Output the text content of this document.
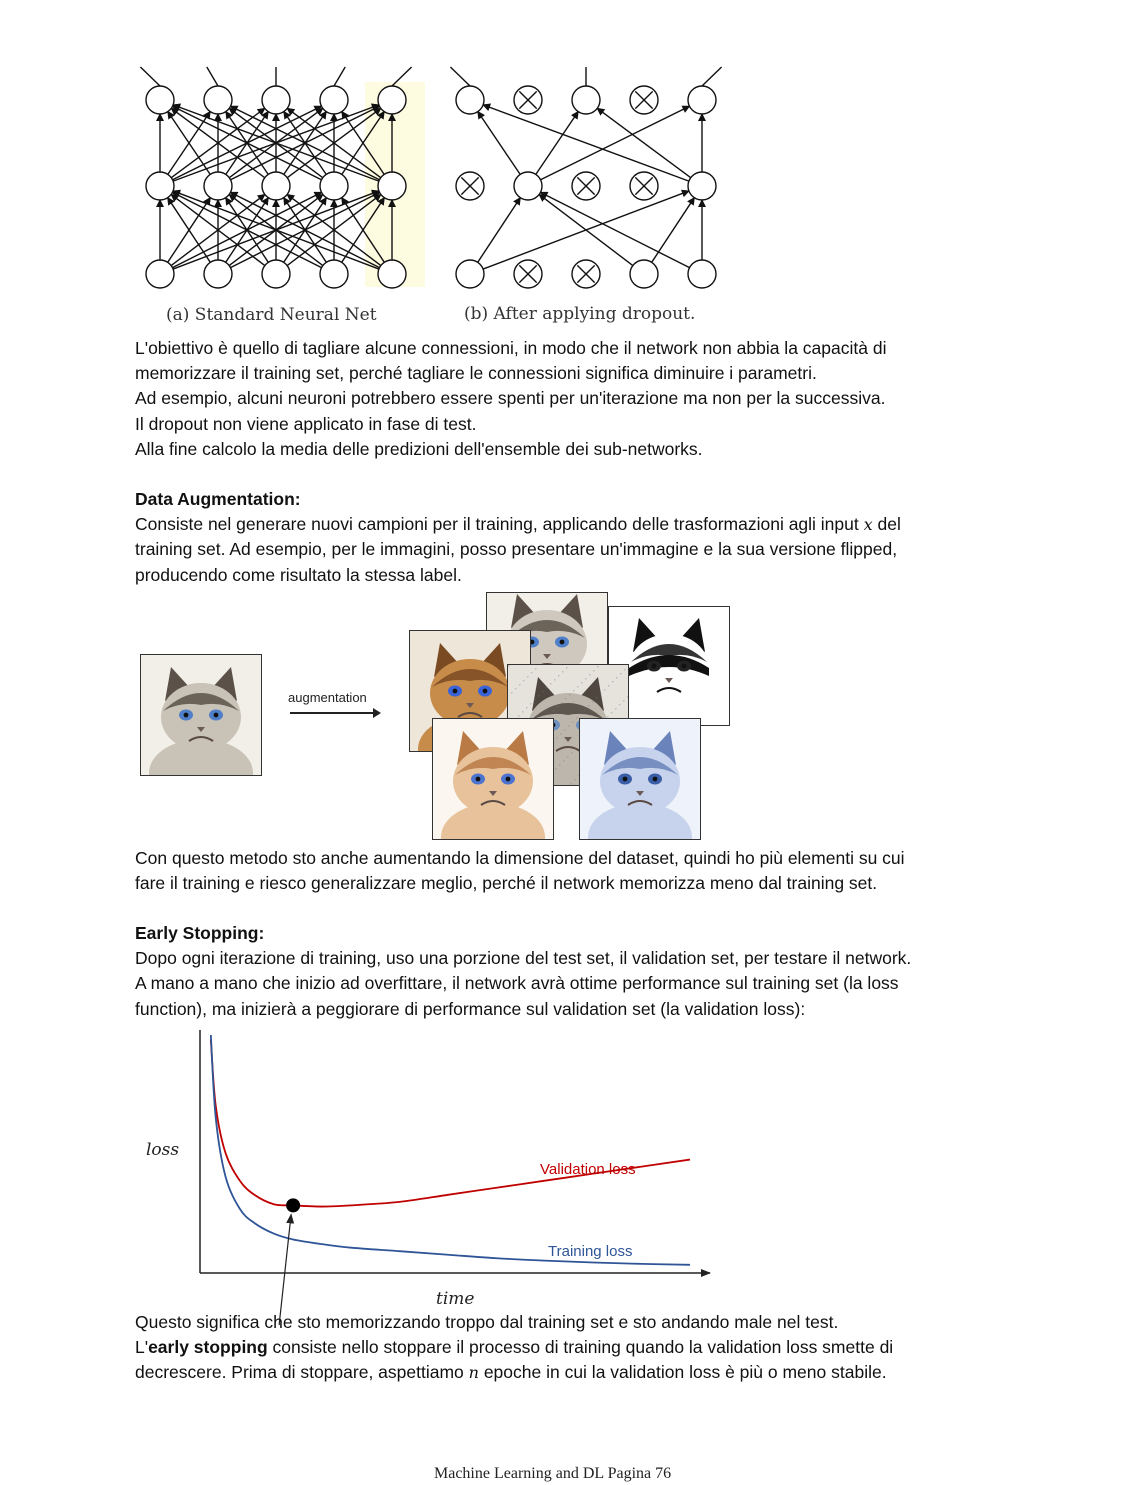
(a) Standard Neural Net	(b) After applying dropout.
L'obiettivo è quello di tagliare alcune connessioni, in modo che il network non abbia la capacità di
memorizzare il training set, perché tagliare le connessioni significa diminuire i parametri.
Ad esempio, alcuni neuroni potrebbero essere spenti per un'iterazione ma non per la successiva.
Il dropout non viene applicato in fase di test.
Alla fine calcolo la media delle predizioni dell'ensemble dei sub-networks.
Data Augmentation:
Consiste nel generare nuovi campioni per il training, applicando delle trasformazioni agli input x del
training set. Ad esempio, per le immagini, posso presentare un'immagine e la sua versione flipped,
producendo come risultato la stessa label.
augmentation
Con questo metodo sto anche aumentando la dimensione del dataset, quindi ho più elementi su cui
fare il training e riesco generalizzare meglio, perché il network memorizza meno dal training set.
Early Stopping:
Dopo ogni iterazione di training, uso una porzione del test set, il validation set, per testare il network.
A mano a mano che inizio ad overfittare, il network avrà ottime performance sul training set (la loss
function), ma inizierà a peggiorare di performance sul validation set (la validation loss):
loss
time
Validation loss
Training loss
Questo significa che sto memorizzando troppo dal training set e sto andando male nel test.
L'early stopping consiste nello stoppare il processo di training quando la validation loss smette di
decrescere. Prima di stoppare, aspettiamo n epoche in cui la validation loss è più o meno stabile.
Machine Learning and DL Pagina 76
